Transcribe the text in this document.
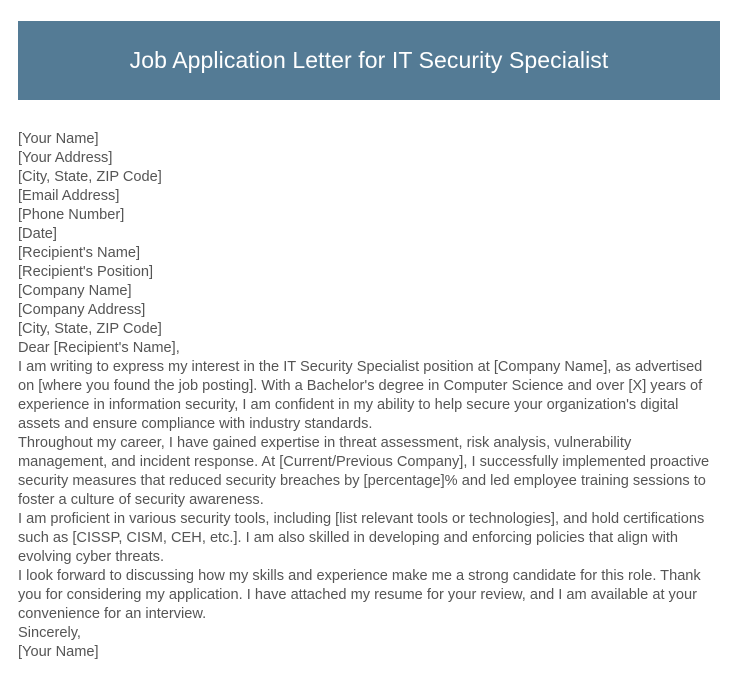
Job Application Letter for IT Security Specialist
[Your Name]
[Your Address]
[City, State, ZIP Code]
[Email Address]
[Phone Number]
[Date]
[Recipient's Name]
[Recipient's Position]
[Company Name]
[Company Address]
[City, State, ZIP Code]
Dear [Recipient's Name],

I am writing to express my interest in the IT Security Specialist position at [Company Name], as advertised on [where you found the job posting]. With a Bachelor's degree in Computer Science and over [X] years of experience in information security, I am confident in my ability to help secure your organization's digital assets and ensure compliance with industry standards.

Throughout my career, I have gained expertise in threat assessment, risk analysis, vulnerability management, and incident response. At [Current/Previous Company], I successfully implemented proactive security measures that reduced security breaches by [percentage]% and led employee training sessions to foster a culture of security awareness.

I am proficient in various security tools, including [list relevant tools or technologies], and hold certifications such as [CISSP, CISM, CEH, etc.]. I am also skilled in developing and enforcing policies that align with evolving cyber threats.

I look forward to discussing how my skills and experience make me a strong candidate for this role. Thank you for considering my application. I have attached my resume for your review, and I am available at your convenience for an interview.

Sincerely,
[Your Name]
